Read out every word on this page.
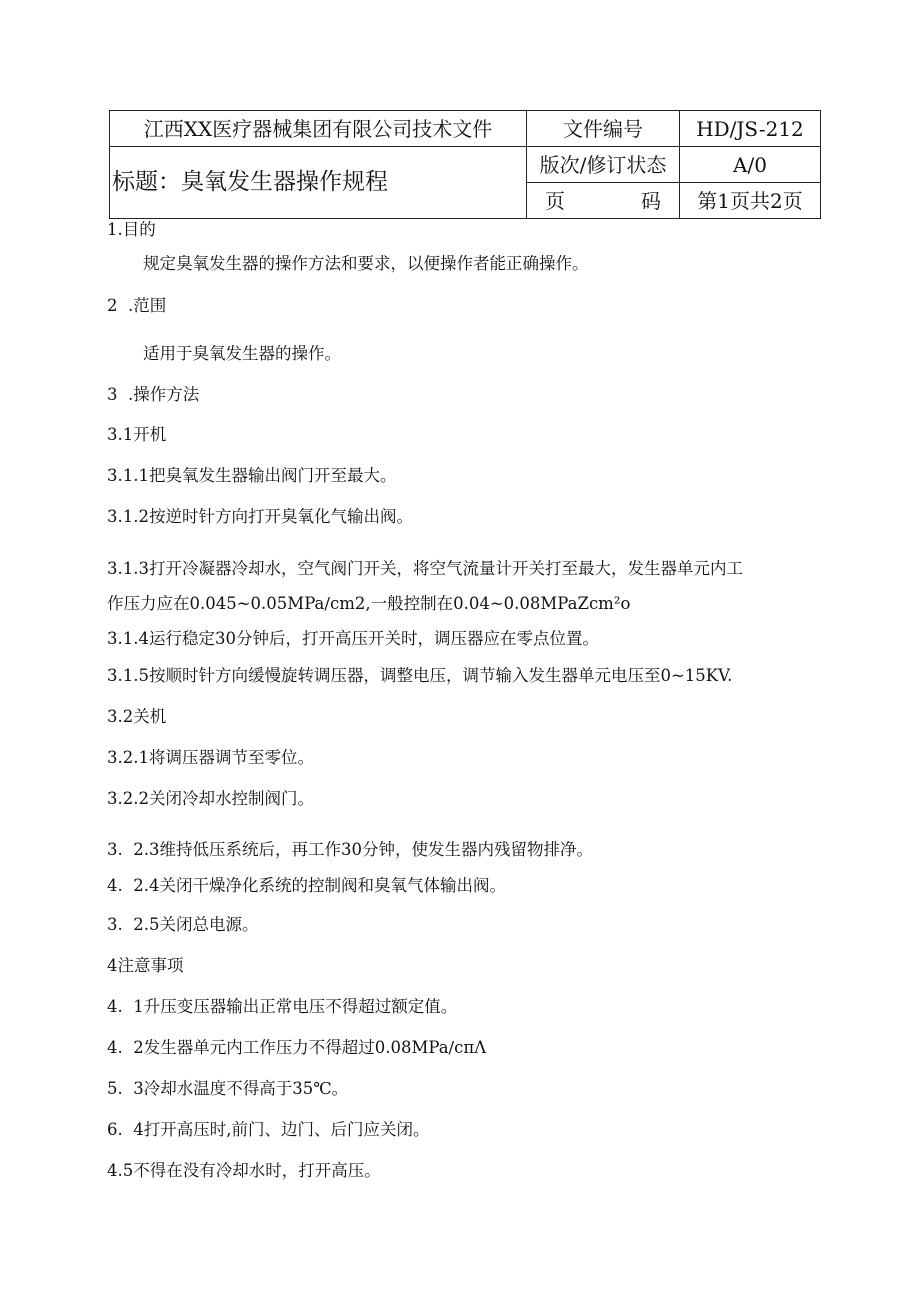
江西XX医疗器械集团有限公司技术文件	文件编号	HD/JS-212
标题：臭氧发生器操作规程	版次/修订状态	A/0

	页 码	第1页共2页
1.目的
规定臭氧发生器的操作方法和要求，以便操作者能正确操作。
2  .范围
适用于臭氧发生器的操作。
3  .操作方法
3.1开机
3.1.1把臭氧发生器输出阀门开至最大。
3.1.2按逆时针方向打开臭氧化气输出阀。
3.1.3打开冷凝器冷却水，空气阀门开关，将空气流量计开关打至最大，发生器单元内工
作压力应在0.045~0.05MPa∕cm2,一般控制在0.04~0.08MPaZcm²o
3.1.4运行稳定30分钟后，打开高压开关时，调压器应在零点位置。
3.1.5按顺时针方向缓慢旋转调压器，调整电压，调节输入发生器单元电压至0~15KV.
3.2关机
3.2.1将调压器调节至零位。
3.2.2关闭冷却水控制阀门。
3.  2.3维持低压系统后，再工作30分钟，使发生器内残留物排净。
4.  2.4关闭干燥净化系统的控制阀和臭氧气体输出阀。
3.  2.5关闭总电源。
4注意事项
4.  1升压变压器输出正常电压不得超过额定值。
4.  2发生器单元内工作压力不得超过0.08MPa∕cπΛ
5.  3冷却水温度不得高于35℃。
6.  4打开高压时,前门、边门、后门应关闭。
4.5不得在没有冷却水时，打开高压。
